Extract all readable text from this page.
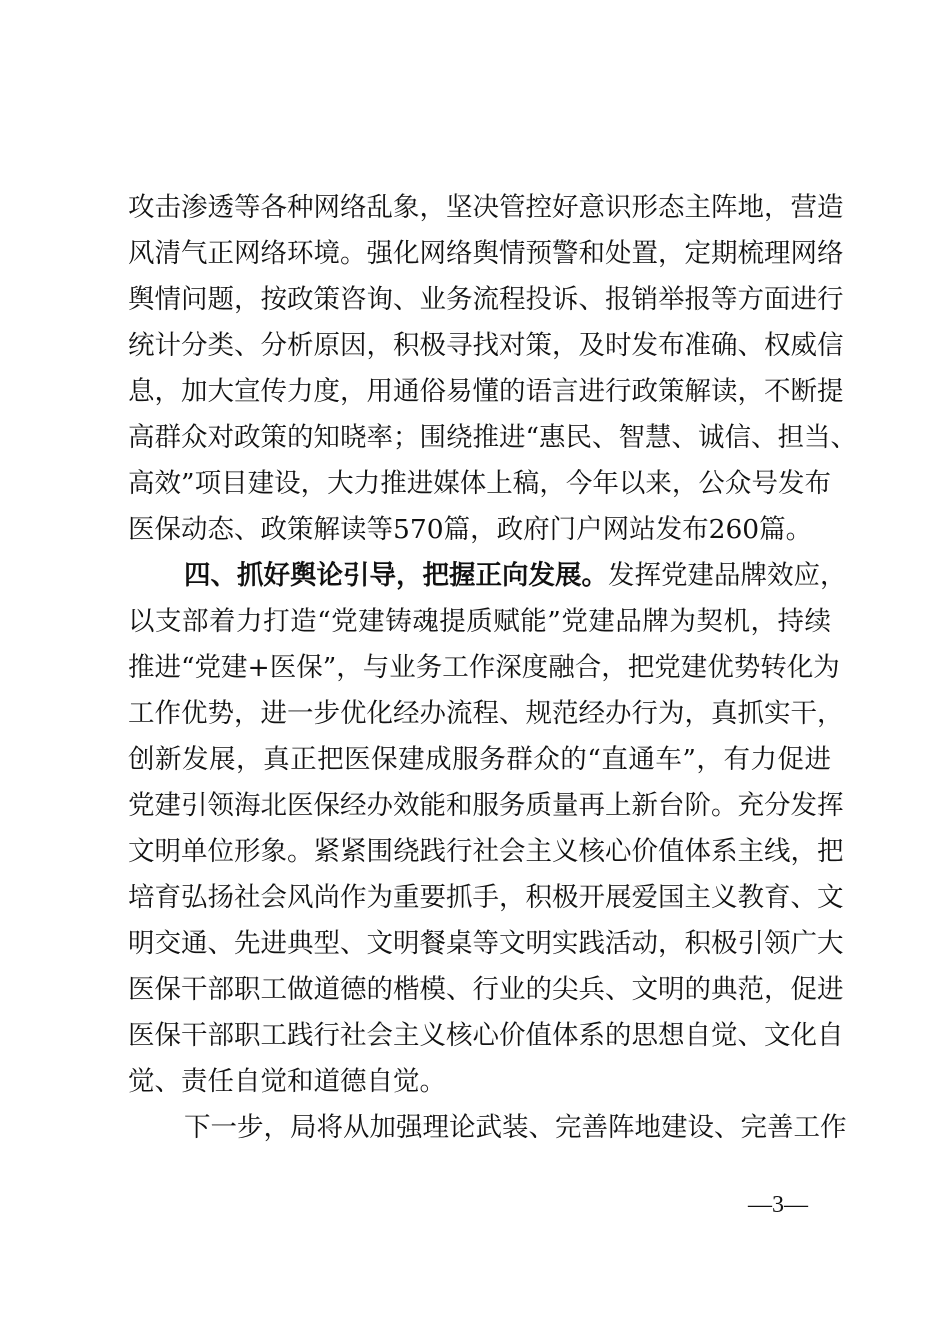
攻击渗透等各种网络乱象，坚决管控好意识形态主阵地，营造
风清气正网络环境。强化网络舆情预警和处置，定期梳理网络
舆情问题，按政策咨询、业务流程投诉、报销举报等方面进行
统计分类、分析原因，积极寻找对策，及时发布准确、权威信
息，加大宣传力度，用通俗易懂的语言进行政策解读，不断提
高群众对政策的知晓率；围绕推进“惠民、智慧、诚信、担当、
高效”项目建设，大力推进媒体上稿，今年以来，公众号发布
医保动态、政策解读等570篇，政府门户网站发布260篇。
四、抓好舆论引导，把握正向发展。发挥党建品牌效应，
以支部着力打造“党建铸魂提质赋能”党建品牌为契机，持续
推进“党建+医保”，与业务工作深度融合，把党建优势转化为
工作优势，进一步优化经办流程、规范经办行为，真抓实干，
创新发展，真正把医保建成服务群众的“直通车”，有力促进
党建引领海北医保经办效能和服务质量再上新台阶。充分发挥
文明单位形象。紧紧围绕践行社会主义核心价值体系主线，把
培育弘扬社会风尚作为重要抓手，积极开展爱国主义教育、文
明交通、先进典型、文明餐桌等文明实践活动，积极引领广大
医保干部职工做道德的楷模、行业的尖兵、文明的典范，促进
医保干部职工践行社会主义核心价值体系的思想自觉、文化自
觉、责任自觉和道德自觉。
下一步，局将从加强理论武装、完善阵地建设、完善工作
—3—
